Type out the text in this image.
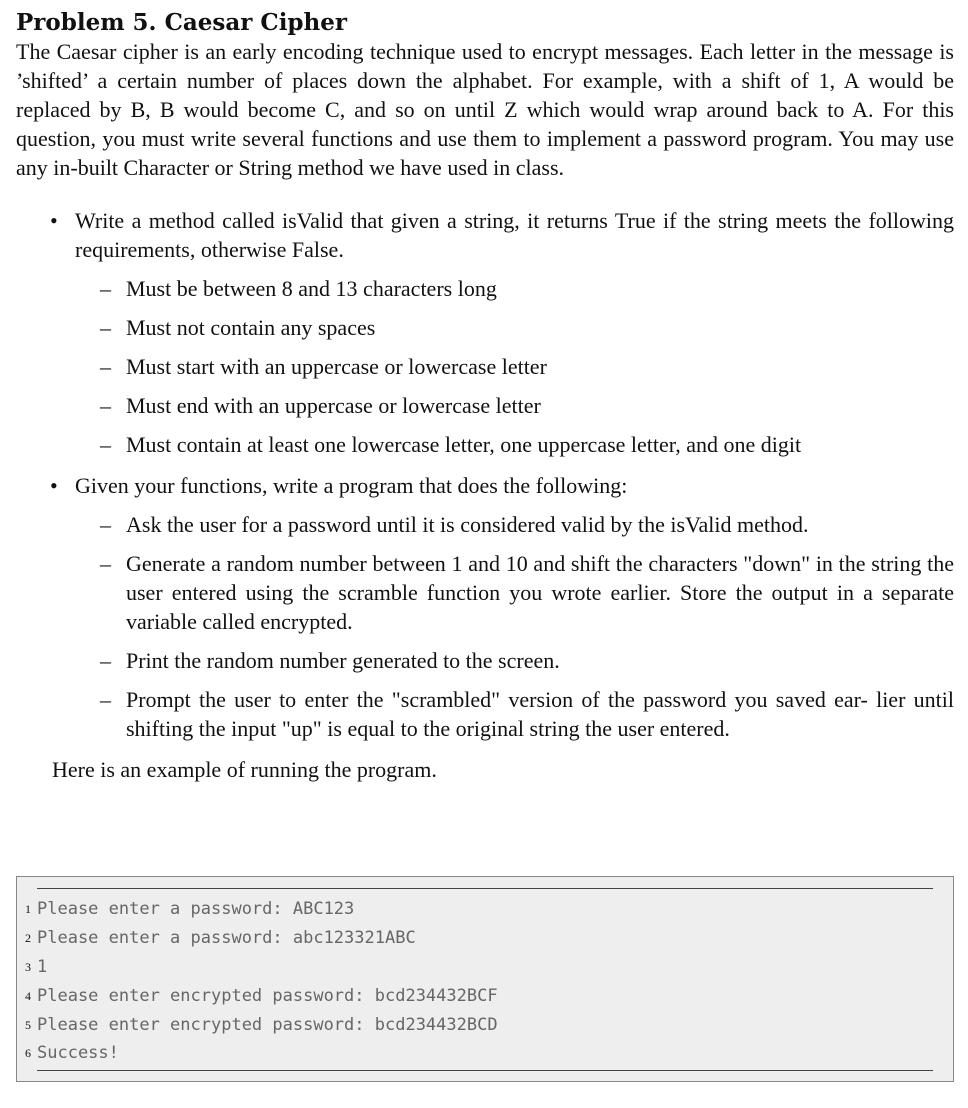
Problem 5. Caesar Cipher

The Caesar cipher is an early encoding technique used to encrypt messages. Each letter in the message is ’shifted’ a certain number of places down the alphabet. For example, with a shift of 1, A would be replaced by B, B would become C, and so on until Z which would wrap around back to A. For this question, you must write several functions and use them to implement a password program. You may use any in-built Character or String method we have used in class.

• Write a method called isValid that given a string, it returns True if the string meets the following requirements, otherwise False.
– Must be between 8 and 13 characters long
– Must not contain any spaces
– Must start with an uppercase or lowercase letter
– Must end with an uppercase or lowercase letter
– Must contain at least one lowercase letter, one uppercase letter, and one digit
• Given your functions, write a program that does the following:
– Ask the user for a password until it is considered valid by the isValid method.
– Generate a random number between 1 and 10 and shift the characters "down" in the string the user entered using the scramble function you wrote earlier. Store the output in a separate variable called encrypted.
– Print the random number generated to the screen.
– Prompt the user to enter the "scrambled" version of the password you saved ear- lier until shifting the input "up" is equal to the original string the user entered.

Here is an example of running the program.

1 Please enter a password: ABC123
2 Please enter a password: abc123321ABC
3 1
4 Please enter encrypted password: bcd234432BCF
5 Please enter encrypted password: bcd234432BCD
6 Success!
